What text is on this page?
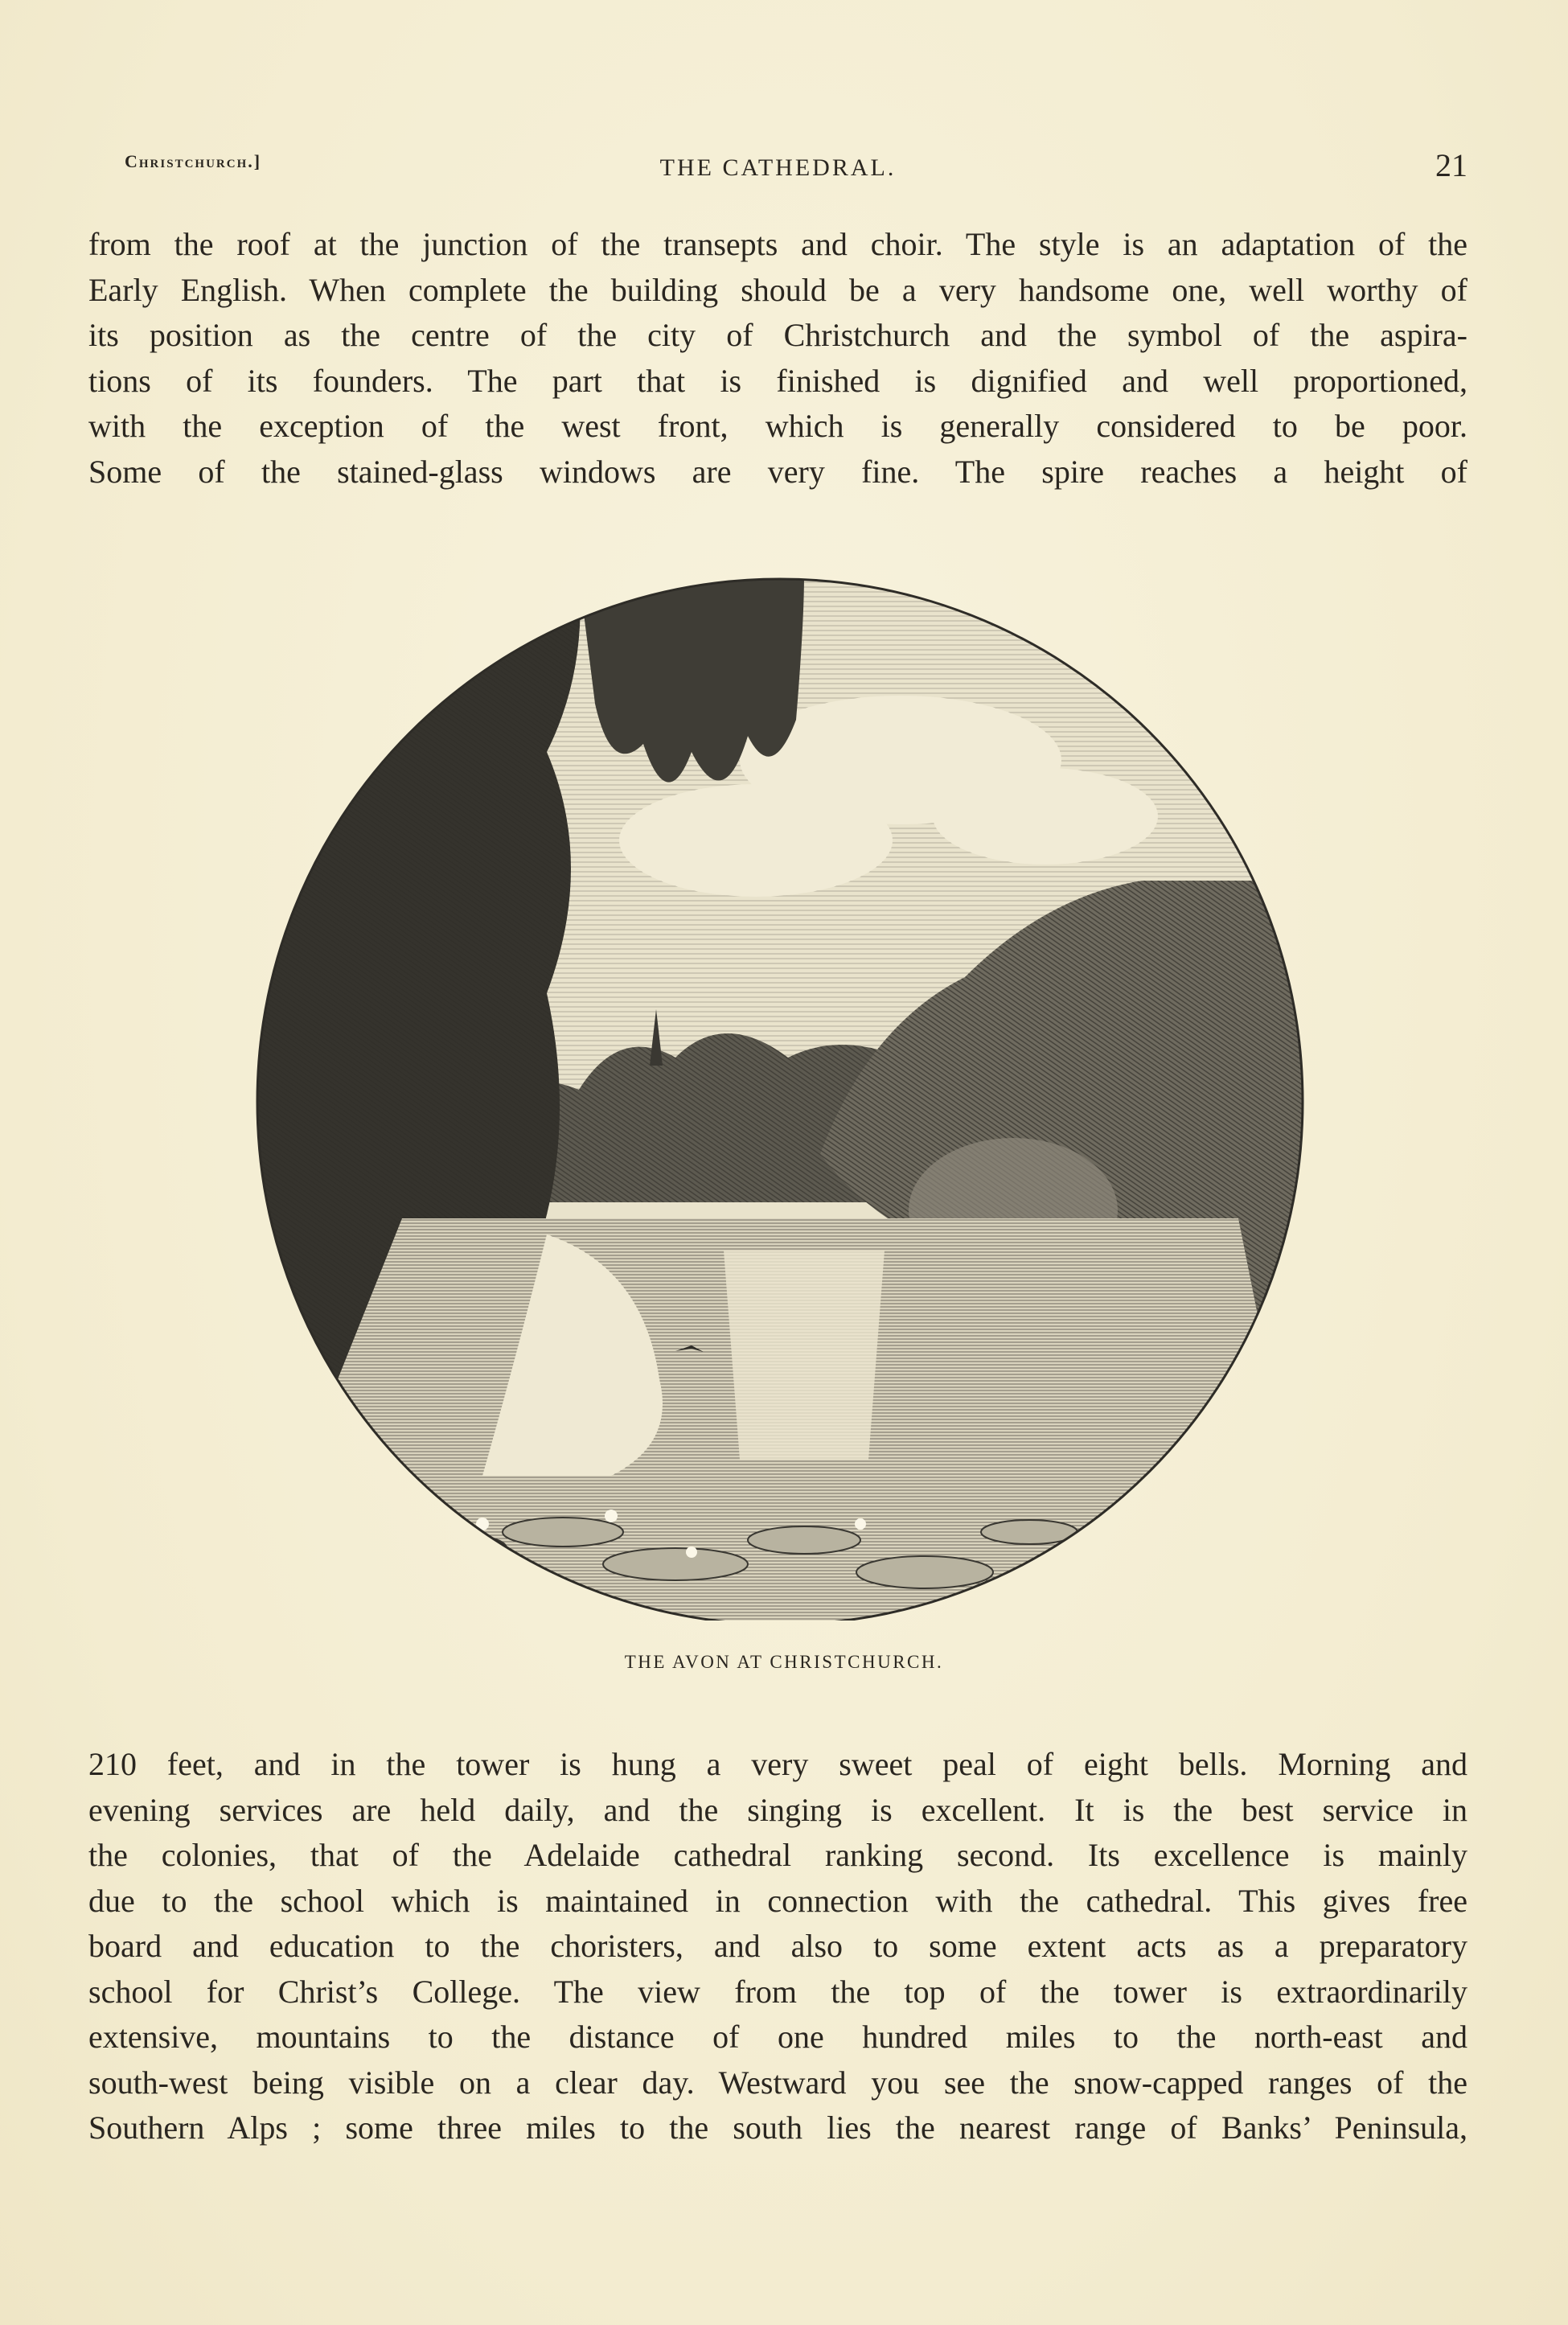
Christchurch.]	THE CATHEDRAL.	21
from the roof at the junction of the transepts and choir. The style is an adaptation of the
Early English. When complete the building should be a very handsome one, well worthy of
its position as the centre of the city of Christchurch and the symbol of the aspira-
tions of its founders. The part that is finished is dignified and well proportioned,
with the exception of the west front, which is generally considered to be poor.
Some of the stained-glass windows are very fine. The spire reaches a height of
THE AVON AT CHRISTCHURCH.
210 feet, and in the tower is hung a very sweet peal of eight bells. Morning and
evening services are held daily, and the singing is excellent. It is the best service in
the colonies, that of the Adelaide cathedral ranking second. Its excellence is mainly
due to the school which is maintained in connection with the cathedral. This gives free
board and education to the choristers, and also to some extent acts as a preparatory
school for Christ’s College. The view from the top of the tower is extraordinarily
extensive, mountains to the distance of one hundred miles to the north-east and
south-west being visible on a clear day. Westward you see the snow-capped ranges of the
Southern Alps ; some three miles to the south lies the nearest range of Banks’ Peninsula,
